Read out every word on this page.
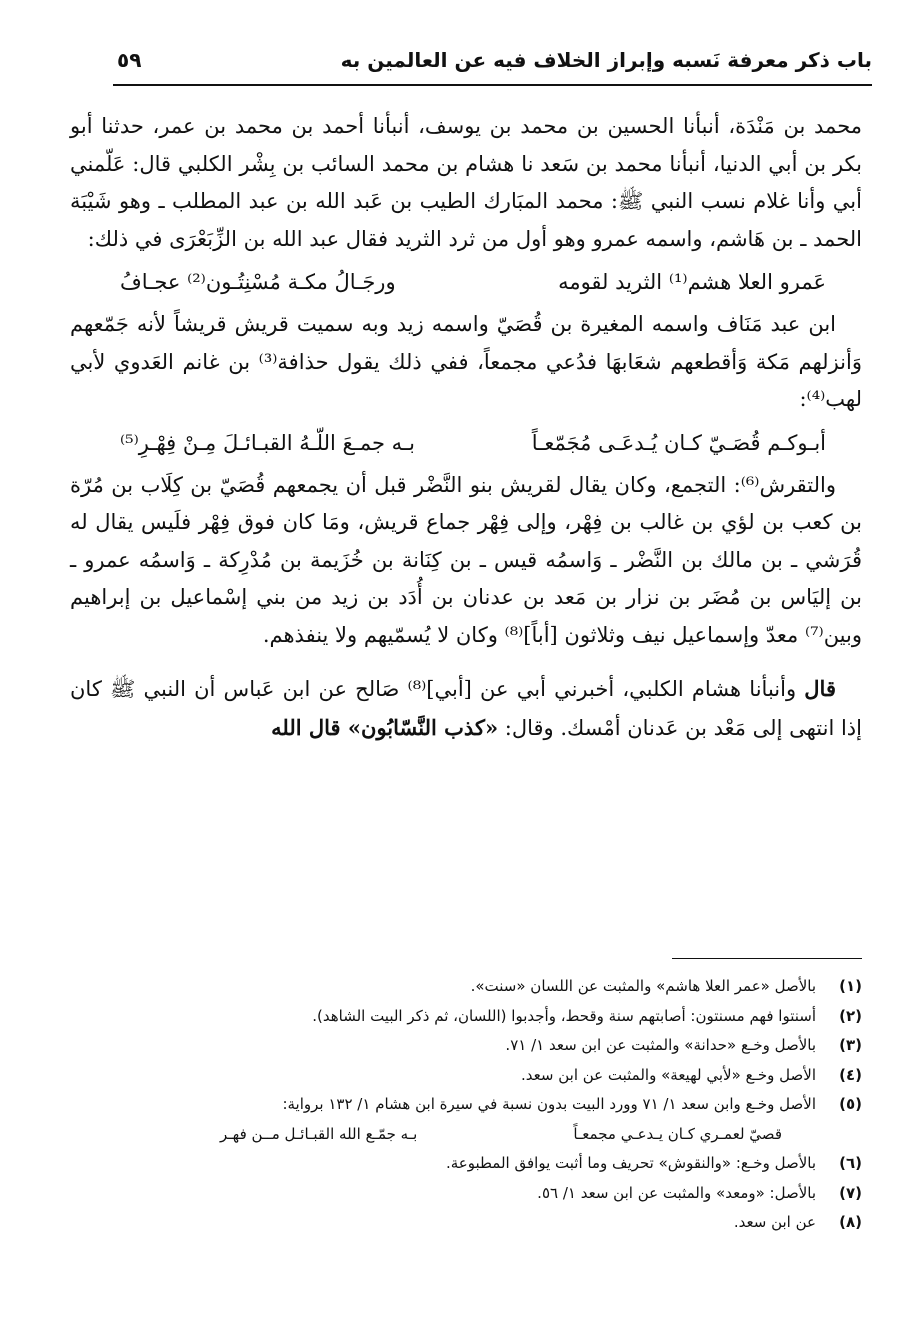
باب ذكر معرفة نَسبه وإبراز الخلاف فيه عن العالمين به
٥٩

محمد بن مَنْدَة، أنبأنا الحسين بن محمد بن يوسف، أنبأنا أحمد بن محمد بن عمر، حدثنا أبو بكر بن أبي الدنيا، أنبأنا محمد بن سَعد نا هشام بن محمد السائب بن بِشْر الكلبي قال: عَلّمني أبي وأنا غلام نسب النبي ﷺ: محمد المبَارك الطيب بن عَبد الله بن عبد المطلب ـ وهو شَيْبَة الحمد ـ بن هَاشم، واسمه عمرو وهو أول من ثرد الثريد فقال عبد الله بن الزِّبَعْرَى في ذلك:

عَمرو العلا هشم⁽¹⁾ الثريد لقومه
ورجَـالُ مكـة مُسْنِتُـون⁽²⁾ عجـافُ

ابن عبد مَنَاف واسمه المغيرة بن قُصَيّ واسمه زيد وبه سميت قريش قريشاً لأنه جَمّعهم وَأنزلهم مَكة وَأقطعهم شعَابهَا فدُعي مجمعاً، ففي ذلك يقول حذافة⁽³⁾ بن غانم العَدوي لأبي لهب⁽⁴⁾:

أبـوكـم قُصَـيّ كـان يُـدعَـى مُجَمّعـاً
بـه جمـعَ اللّـهُ القبـائـلَ مِـنْ فِهْـرِ⁽⁵⁾

والتقرش⁽⁶⁾: التجمع، وكان يقال لقريش بنو النَّضْر قبل أن يجمعهم قُصَيّ بن كِلَاب بن مُرّة بن كعب بن لؤي بن غالب بن فِهْر، وإلى فِهْر جماع قريش، ومَا كان فوق فِهْر فلَيس يقال له قُرَشي ـ بن مالك بن النَّضْر ـ وَاسمُه قيس ـ بن كِنَانة بن خُزَيمة بن مُدْرِكة ـ وَاسمُه عمرو ـ بن إليَاس بن مُضَر بن نزار بن مَعد بن عدنان بن أُدَد بن زيد من بني إسْماعيل بن إبراهيم وبين⁽⁷⁾ معدّ وإسماعيل نيف وثلاثون [أباً]⁽⁸⁾ وكان لا يُسمّيهم ولا ينفذهم.

قال وأنبأنا هشام الكلبي، أخبرني أبي عن [أبي]⁽⁸⁾ صَالح عن ابن عَباس أن النبي ﷺ كان إذا انتهى إلى مَعْد بن عَدنان أمْسك. وقال: «كذب النَّسّابُون» قال الله

(١)
بالأصل «عمر العلا هاشم» والمثبت عن اللسان «سنت».
(٢)
أسنتوا فهم مسنتون: أصابتهم سنة وقحط، وأجدبوا (اللسان، ثم ذكر البيت الشاهد).
(٣)
بالأصل وخـع «حدانة» والمثبت عن ابن سعد ١/ ٧١.
(٤)
الأصل وخـع «لأبي لهيعة» والمثبت عن ابن سعد.
(٥)
الأصل وخـع وابن سعد ١/ ٧١ وورد البيت بدون نسبة في سيرة ابن هشام ١/ ١٣٢ برواية:
قصيّ لعمـري كـان يـدعـي مجمعـاً
بـه جمّـع الله القبـائـل مــن فهـر
(٦)
بالأصل وخـع: «والنقوش» تحريف وما أثبت يوافق المطبوعة.
(٧)
بالأصل: «ومعد» والمثبت عن ابن سعد ١/ ٥٦.
(٨)
عن ابن سعد.
